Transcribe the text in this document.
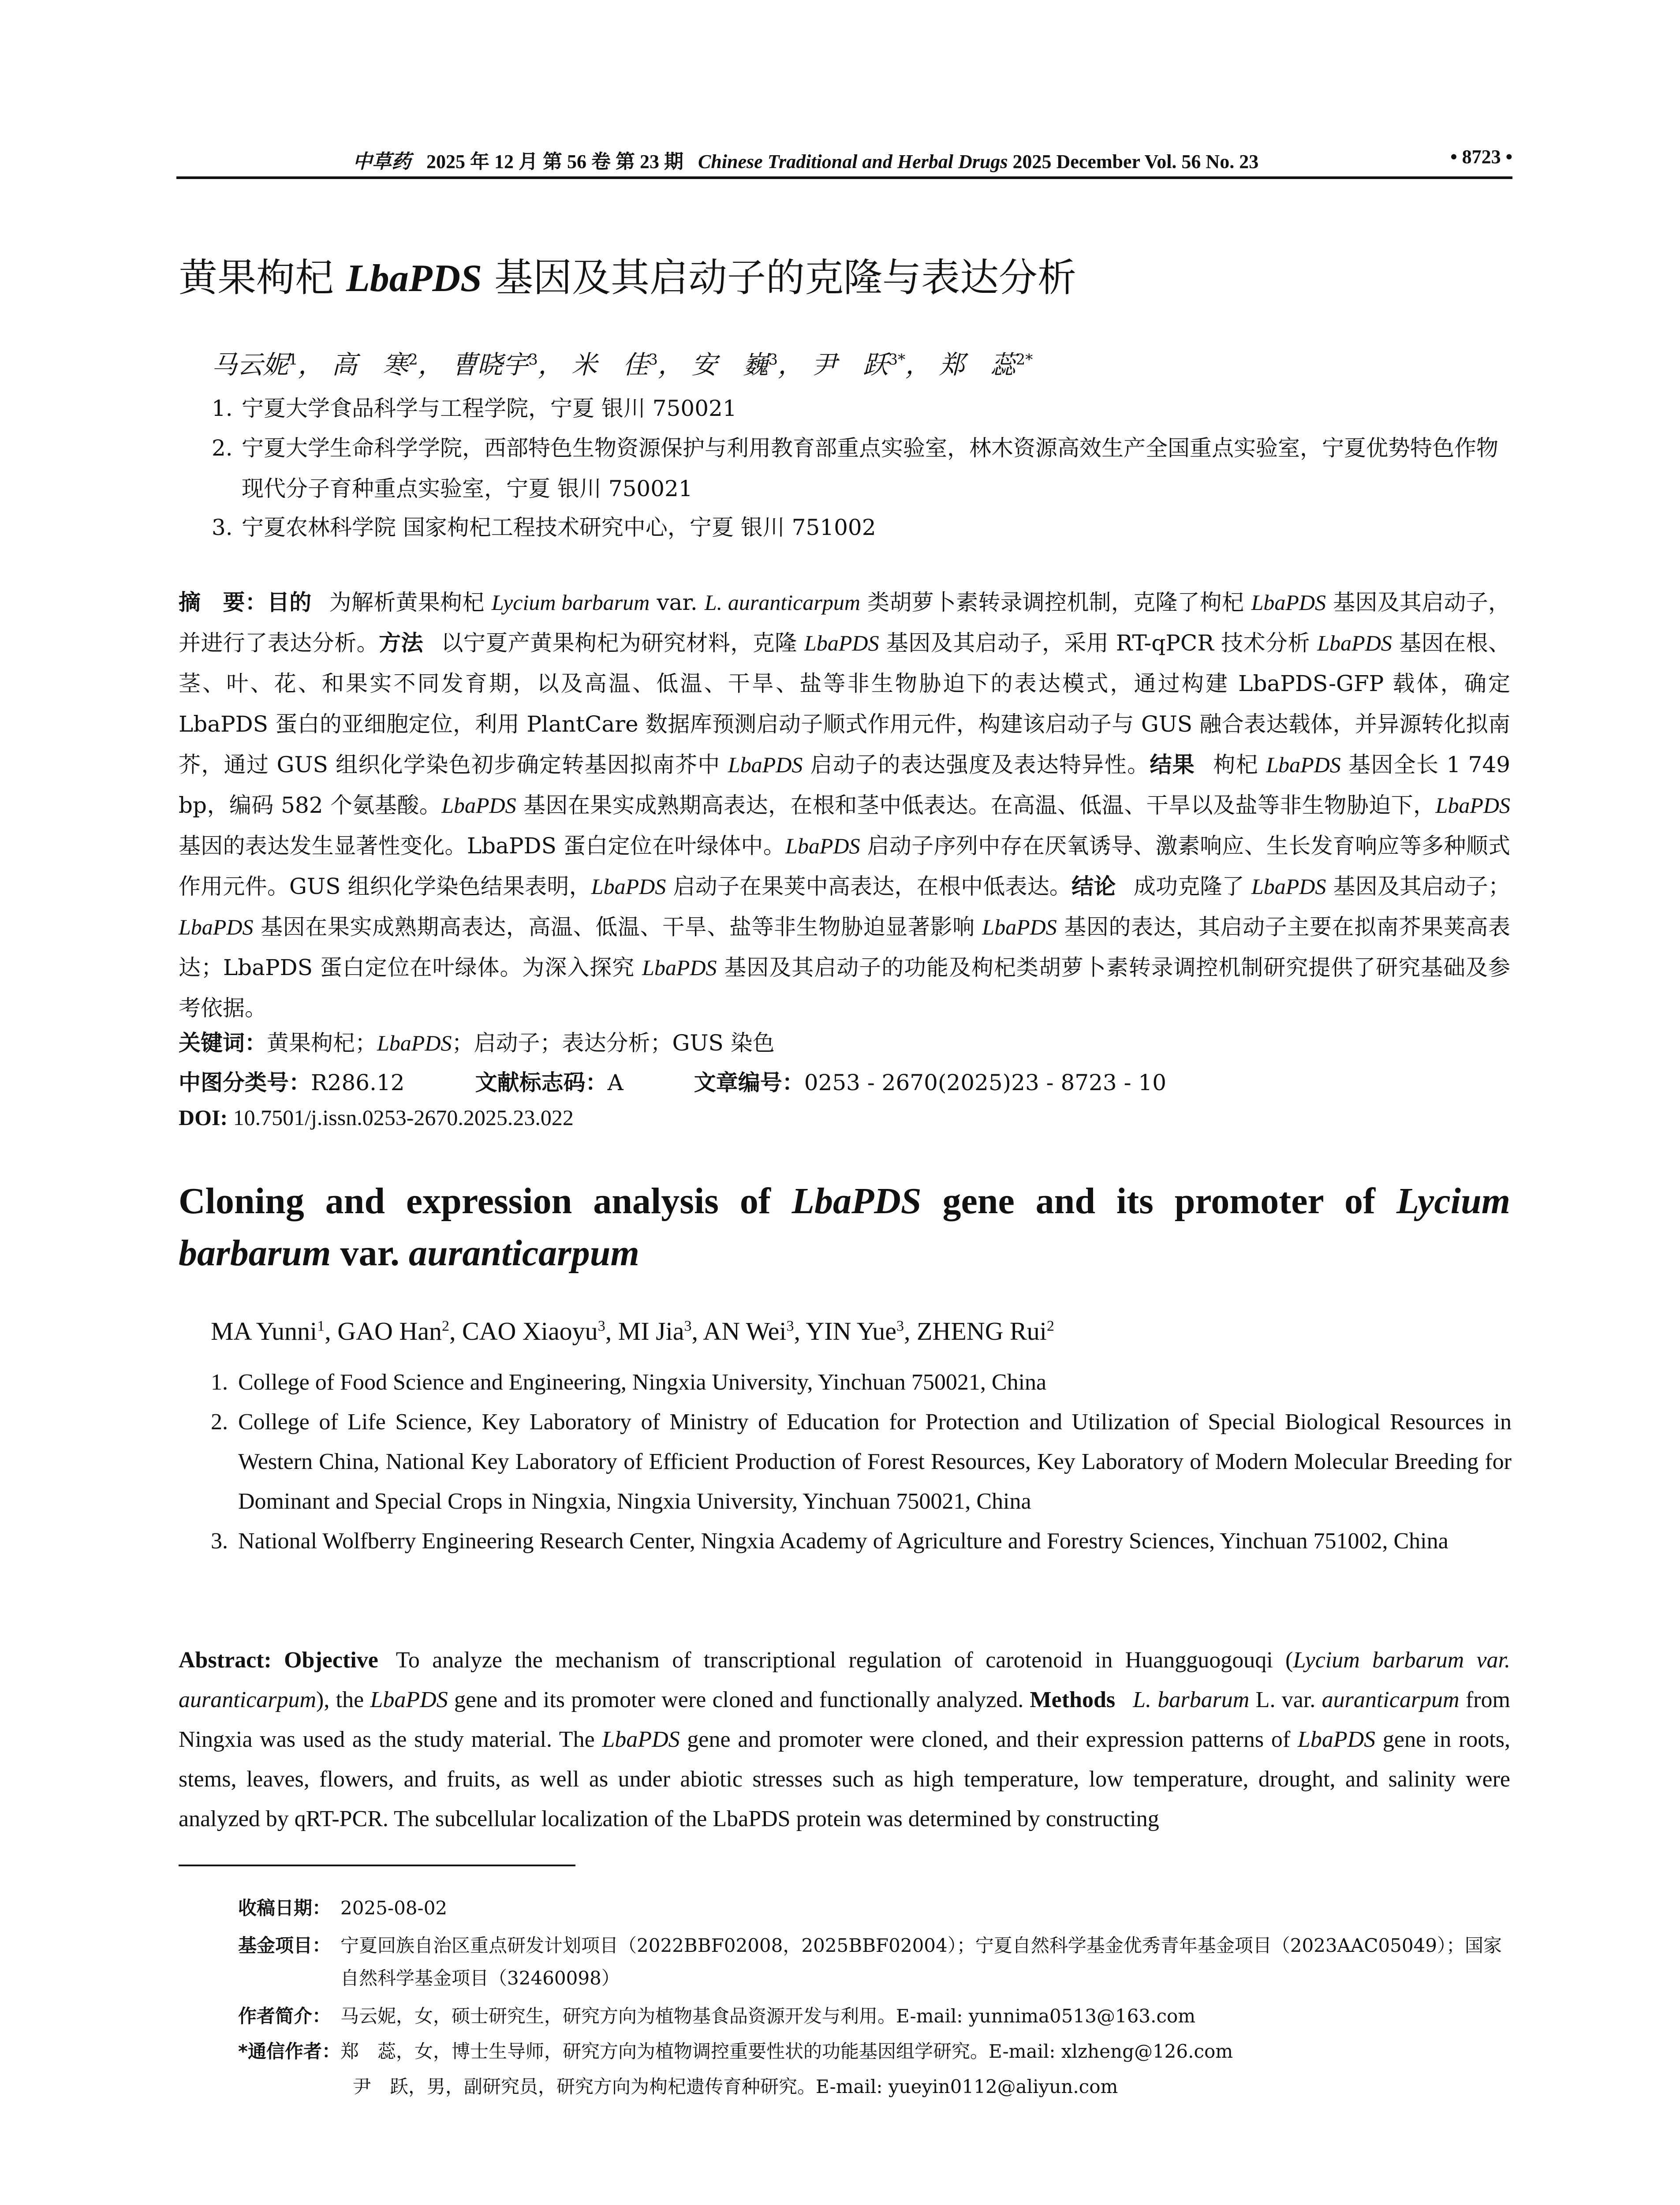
中草药 2025 年 12 月 第 56 卷 第 23 期 Chinese Traditional and Herbal Drugs 2025 December Vol. 56 No. 23	• 8723 •
黄果枸杞 LbaPDS 基因及其启动子的克隆与表达分析
马云妮$^1$， 高　寒$^2$， 曹晓宇$^3$， 米　佳$^3$， 安　巍$^3$， 尹　跃$^{3*}$， 郑　蕊$^{2*}$
1. 宁夏大学食品科学与工程学院，宁夏 银川 750021
2. 宁夏大学生命科学学院，西部特色生物资源保护与利用教育部重点实验室，林木资源高效生产全国重点实验室，宁夏优势特色作物现代分子育种重点实验室，宁夏 银川 750021
3. 宁夏农林科学院 国家枸杞工程技术研究中心，宁夏 银川 751002
摘　要：目的 为解析黄果枸杞 Lycium barbarum var. L. auranticarpum 类胡萝卜素转录调控机制，克隆了枸杞 LbaPDS 基因及其启动子，并进行了表达分析。方法 以宁夏产黄果枸杞为研究材料，克隆 LbaPDS 基因及其启动子，采用 RT-qPCR 技术分析 LbaPDS 基因在根、茎、叶、花、和果实不同发育期，以及高温、低温、干旱、盐等非生物胁迫下的表达模式，通过构建 LbaPDS-GFP 载体，确定 LbaPDS 蛋白的亚细胞定位，利用 PlantCare 数据库预测启动子顺式作用元件，构建该启动子与 GUS 融合表达载体，并异源转化拟南芥，通过 GUS 组织化学染色初步确定转基因拟南芥中 LbaPDS 启动子的表达强度及表达特异性。结果 枸杞 LbaPDS 基因全长 1 749 bp，编码 582 个氨基酸。LbaPDS 基因在果实成熟期高表达，在根和茎中低表达。在高温、低温、干旱以及盐等非生物胁迫下，LbaPDS 基因的表达发生显著性变化。LbaPDS 蛋白定位在叶绿体中。LbaPDS 启动子序列中存在厌氧诱导、激素响应、生长发育响应等多种顺式作用元件。GUS 组织化学染色结果表明，LbaPDS 启动子在果荚中高表达，在根中低表达。结论 成功克隆了 LbaPDS 基因及其启动子；LbaPDS 基因在果实成熟期高表达，高温、低温、干旱、盐等非生物胁迫显著影响 LbaPDS 基因的表达，其启动子主要在拟南芥果荚高表达；LbaPDS 蛋白定位在叶绿体。为深入探究 LbaPDS 基因及其启动子的功能及枸杞类胡萝卜素转录调控机制研究提供了研究基础及参考依据。
关键词：黄果枸杞；LbaPDS；启动子；表达分析；GUS 染色
中图分类号：R286.12	文献标志码：A	文章编号：0253 - 2670(2025)23 - 8723 - 10
DOI: 10.7501/j.issn.0253-2670.2025.23.022
Cloning and expression analysis of LbaPDS gene and its promoter of Lycium barbarum var. auranticarpum
MA Yunni$^1$, GAO Han$^2$, CAO Xiaoyu$^3$, MI Jia$^3$, AN Wei$^3$, YIN Yue$^3$, ZHENG Rui$^2$
1. College of Food Science and Engineering, Ningxia University, Yinchuan 750021, China
2. College of Life Science, Key Laboratory of Ministry of Education for Protection and Utilization of Special Biological Resources in Western China, National Key Laboratory of Efficient Production of Forest Resources, Key Laboratory of Modern Molecular Breeding for Dominant and Special Crops in Ningxia, Ningxia University, Yinchuan 750021, China
3. National Wolfberry Engineering Research Center, Ningxia Academy of Agriculture and Forestry Sciences, Yinchuan 751002, China
Abstract: Objective To analyze the mechanism of transcriptional regulation of carotenoid in Huangguogouqi (Lycium barbarum var. auranticarpum), the LbaPDS gene and its promoter were cloned and functionally analyzed. Methods L. barbarum L. var. auranticarpum from Ningxia was used as the study material. The LbaPDS gene and promoter were cloned, and their expression patterns of LbaPDS gene in roots, stems, leaves, flowers, and fruits, as well as under abiotic stresses such as high temperature, low temperature, drought, and salinity were analyzed by qRT-PCR. The subcellular localization of the LbaPDS protein was determined by constructing
收稿日期： 2025-08-02
基金项目： 宁夏回族自治区重点研发计划项目（2022BBF02008，2025BBF02004）；宁夏自然科学基金优秀青年基金项目（2023AAC05049）；国家自然科学基金项目（32460098）
作者简介： 马云妮，女，硕士研究生，研究方向为植物基食品资源开发与利用。E-mail: yunnima0513@163.com
*通信作者： 郑　蕊，女，博士生导师，研究方向为植物调控重要性状的功能基因组学研究。E-mail: xlzheng@126.com
尹　跃，男，副研究员，研究方向为枸杞遗传育种研究。E-mail: yueyin0112@aliyun.com
